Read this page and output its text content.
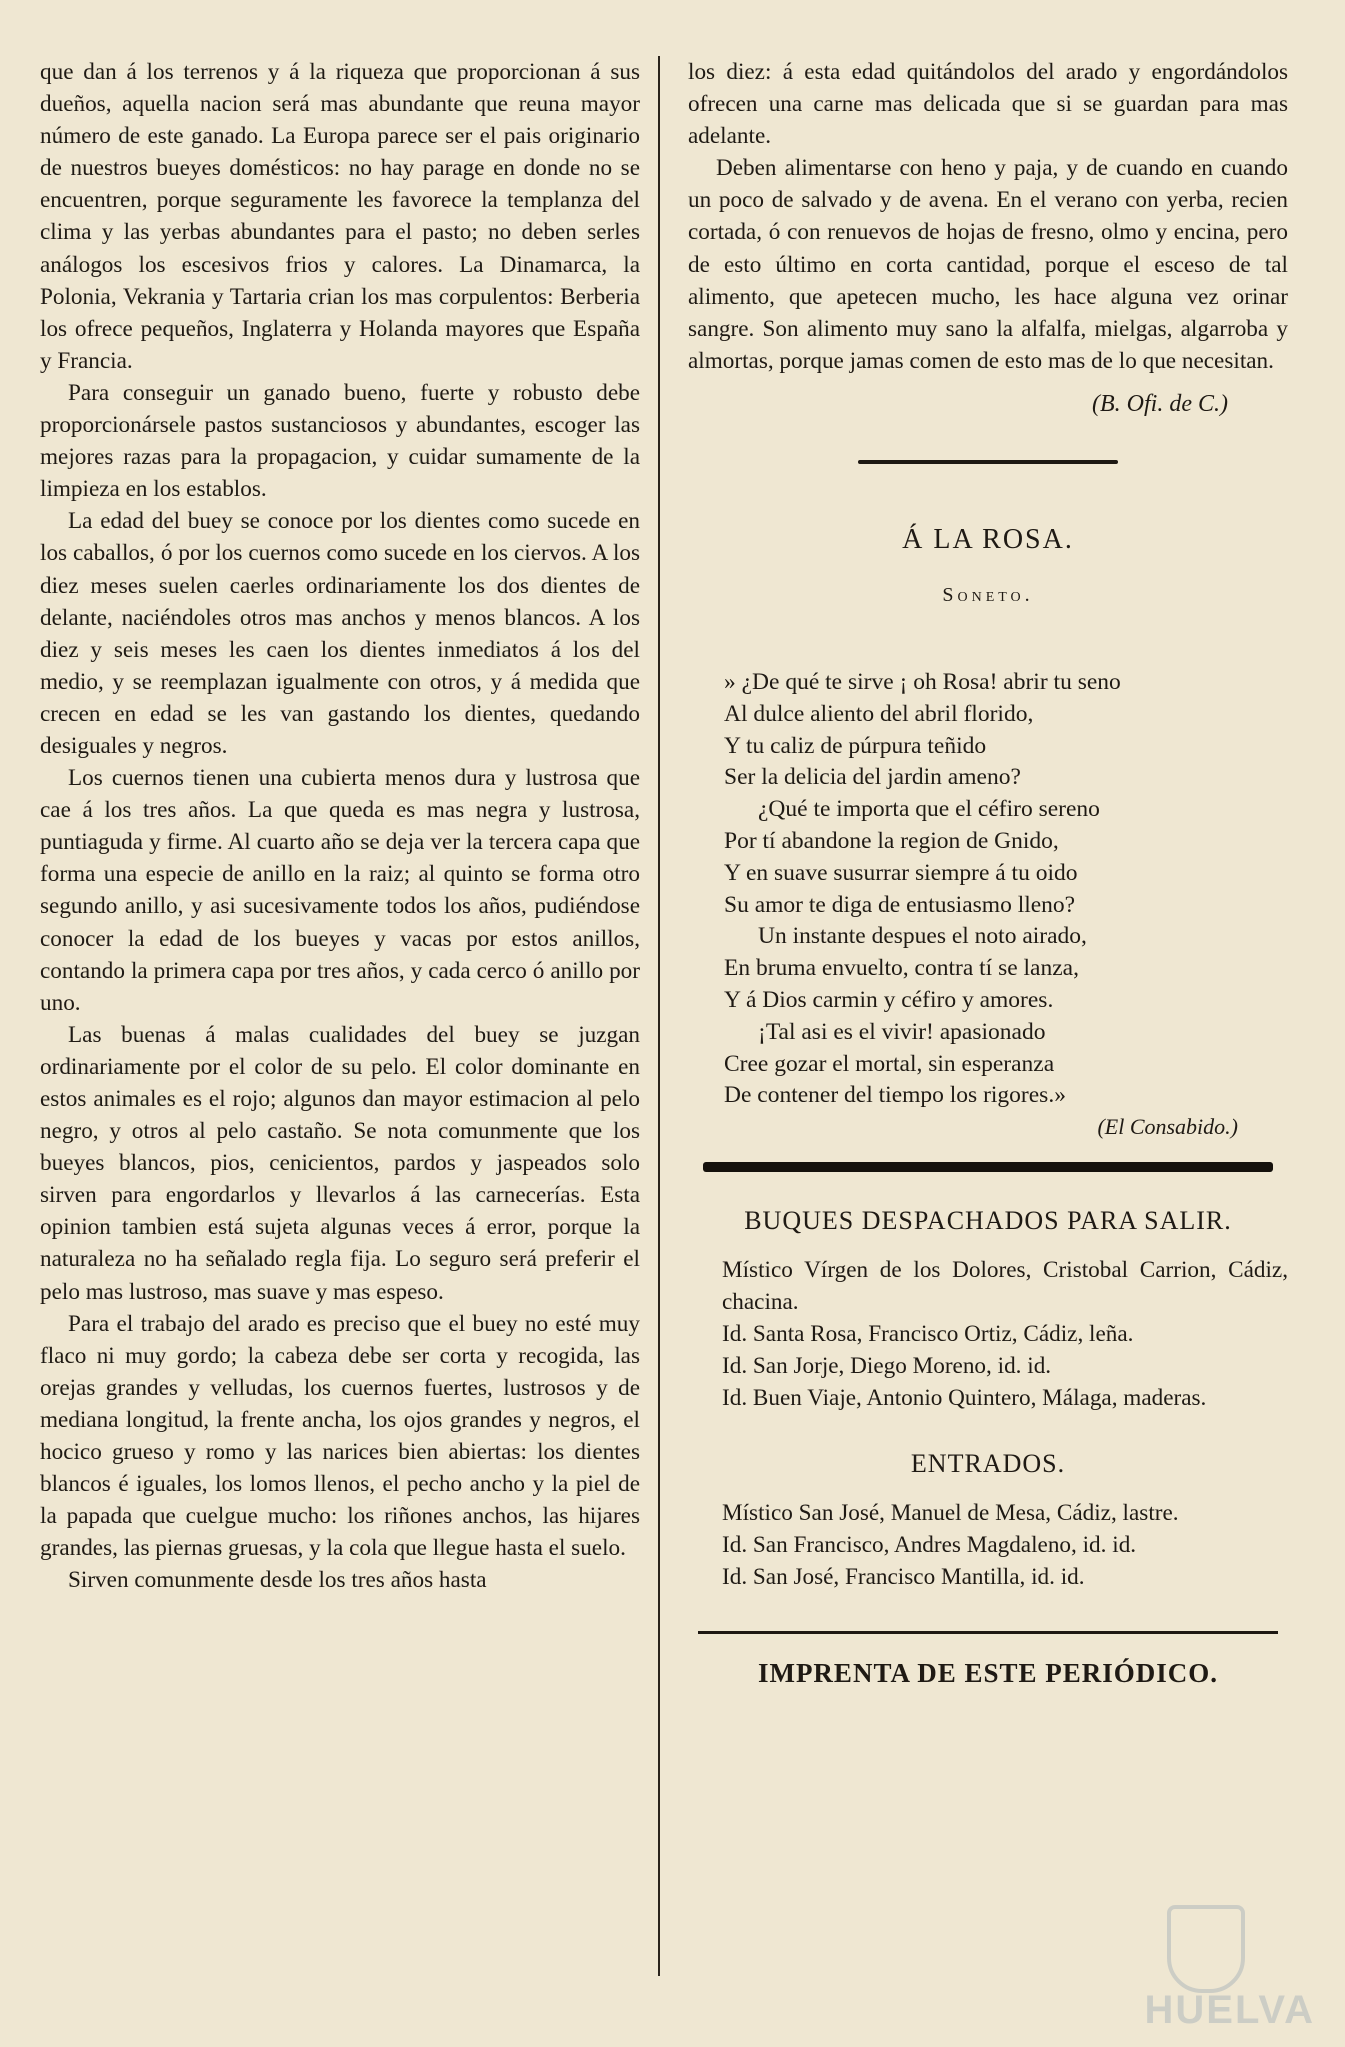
que dan á los terrenos y á la riqueza que proporcionan á sus dueños, aquella nacion será mas abundante que reuna mayor número de este ganado. La Europa parece ser el pais originario de nuestros bueyes domésticos: no hay parage en donde no se encuentren, porque seguramente les favorece la templanza del clima y las yerbas abundantes para el pasto; no deben serles análogos los escesivos frios y calores. La Dinamarca, la Polonia, Vekrania y Tartaria crian los mas corpulentos: Berberia los ofrece pequeños, Inglaterra y Holanda mayores que España y Francia.

Para conseguir un ganado bueno, fuerte y robusto debe proporcionársele pastos sustanciosos y abundantes, escoger las mejores razas para la propagacion, y cuidar sumamente de la limpieza en los establos.

La edad del buey se conoce por los dientes como sucede en los caballos, ó por los cuernos como sucede en los ciervos. A los diez meses suelen caerles ordinariamente los dos dientes de delante, naciéndoles otros mas anchos y menos blancos. A los diez y seis meses les caen los dientes inmediatos á los del medio, y se reemplazan igualmente con otros, y á medida que crecen en edad se les van gastando los dientes, quedando desiguales y negros.

Los cuernos tienen una cubierta menos dura y lustrosa que cae á los tres años. La que queda es mas negra y lustrosa, puntiaguda y firme. Al cuarto año se deja ver la tercera capa que forma una especie de anillo en la raiz; al quinto se forma otro segundo anillo, y asi sucesivamente todos los años, pudiéndose conocer la edad de los bueyes y vacas por estos anillos, contando la primera capa por tres años, y cada cerco ó anillo por uno.

Las buenas á malas cualidades del buey se juzgan ordinariamente por el color de su pelo. El color dominante en estos animales es el rojo; algunos dan mayor estimacion al pelo negro, y otros al pelo castaño. Se nota comunmente que los bueyes blancos, pios, cenicientos, pardos y jaspeados solo sirven para engordarlos y llevarlos á las carnecerías. Esta opinion tambien está sujeta algunas veces á error, porque la naturaleza no ha señalado regla fija. Lo seguro será preferir el pelo mas lustroso, mas suave y mas espeso.

Para el trabajo del arado es preciso que el buey no esté muy flaco ni muy gordo; la cabeza debe ser corta y recogida, las orejas grandes y velludas, los cuernos fuertes, lustrosos y de mediana longitud, la frente ancha, los ojos grandes y negros, el hocico grueso y romo y las narices bien abiertas: los dientes blancos é iguales, los lomos llenos, el pecho ancho y la piel de la papada que cuelgue mucho: los riñones anchos, las hijares grandes, las piernas gruesas, y la cola que llegue hasta el suelo.

Sirven comunmente desde los tres años hasta

los diez: á esta edad quitándolos del arado y engordándolos ofrecen una carne mas delicada que si se guardan para mas adelante.

Deben alimentarse con heno y paja, y de cuando en cuando un poco de salvado y de avena. En el verano con yerba, recien cortada, ó con renuevos de hojas de fresno, olmo y encina, pero de esto último en corta cantidad, porque el esceso de tal alimento, que apetecen mucho, les hace alguna vez orinar sangre. Son alimento muy sano la alfalfa, mielgas, algarroba y almortas, porque jamas comen de esto mas de lo que necesitan.

(B. Ofi. de C.)
Á LA ROSA.
Soneto.
» ¿De qué te sirve ¡ oh Rosa! abrir tu seno
Al dulce aliento del abril florido,
Y tu caliz de púrpura teñido
Ser la delicia del jardin ameno?
¿Qué te importa que el céfiro sereno
Por tí abandone la region de Gnido,
Y en suave susurrar siempre á tu oido
Su amor te diga de entusiasmo lleno?
Un instante despues el noto airado,
En bruma envuelto, contra tí se lanza,
Y á Dios carmin y céfiro y amores.
¡Tal asi es el vivir! apasionado
Cree gozar el mortal, sin esperanza
De contener del tiempo los rigores.»
(El Consabido.)
BUQUES DESPACHADOS PARA SALIR.

Místico Vírgen de los Dolores, Cristobal Carrion, Cádiz, chacina.

Id. Santa Rosa, Francisco Ortiz, Cádiz, leña.

Id. San Jorje, Diego Moreno, id. id.

Id. Buen Viaje, Antonio Quintero, Málaga, maderas.

ENTRADOS.

Místico San José, Manuel de Mesa, Cádiz, lastre.

Id. San Francisco, Andres Magdaleno, id. id.

Id. San José, Francisco Mantilla, id. id.

IMPRENTA DE ESTE PERIÓDICO.
HUELVA
